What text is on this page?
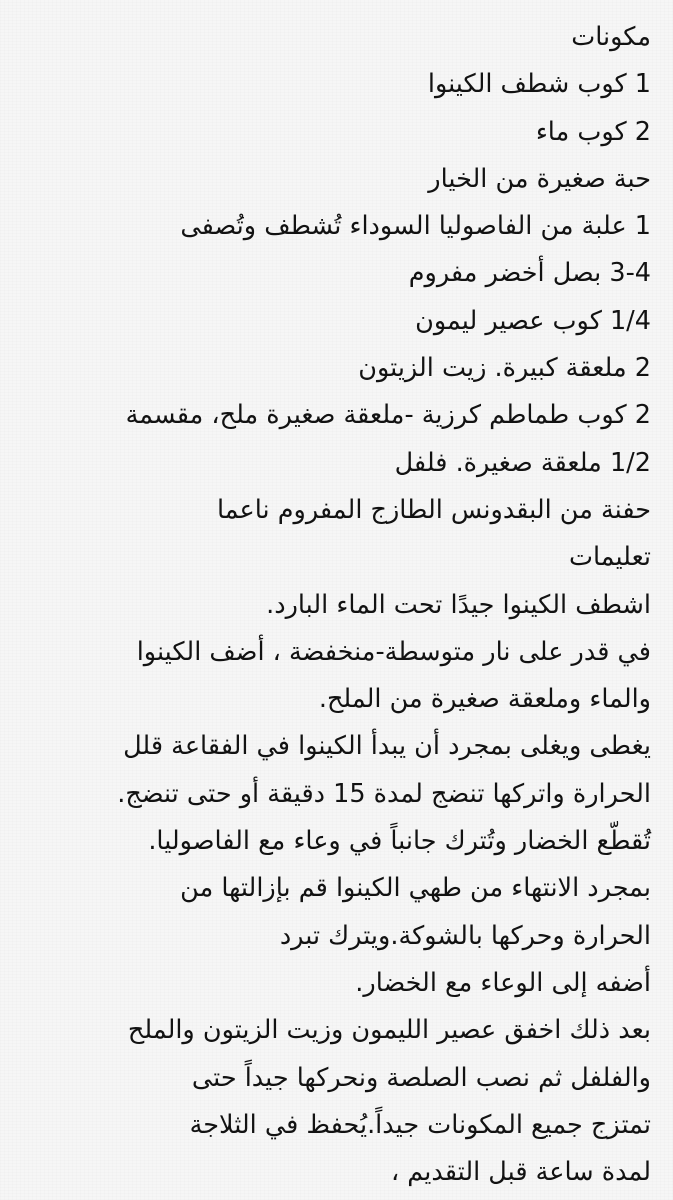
مكونات
1 كوب شطف الكينوا
2 كوب ماء
حبة صغيرة من الخيار
1 علبة من الفاصوليا السوداء تُشطف وتُصفى
3-4 بصل أخضر مفروم
1/4 كوب عصير ليمون
2 ملعقة كبيرة. زيت الزيتون
2 كوب طماطم كرزية -ملعقة صغيرة ملح، مقسمة
1/2 ملعقة صغيرة. فلفل
حفنة من البقدونس الطازج المفروم ناعما
تعليمات
اشطف الكينوا جيدًا تحت الماء البارد.
في قدر على نار متوسطة-منخفضة ، أضف الكينوا
والماء وملعقة صغيرة من الملح.
يغطى ويغلى بمجرد أن يبدأ الكينوا في الفقاعة قلل
الحرارة واتركها تنضج لمدة 15 دقيقة أو حتى تنضج.
تُقطّع الخضار وتُترك جانباً في وعاء مع الفاصوليا.
بمجرد الانتهاء من طهي الكينوا قم بإزالتها من
الحرارة وحركها بالشوكة.ويترك تبرد
أضفه إلى الوعاء مع الخضار.
بعد ذلك اخفق عصير الليمون وزيت الزيتون والملح
والفلفل ثم نصب الصلصة ونحركها جيداً حتى
تمتزج جميع المكونات جيداً.يُحفظ في الثلاجة
لمدة ساعة قبل التقديم ،
